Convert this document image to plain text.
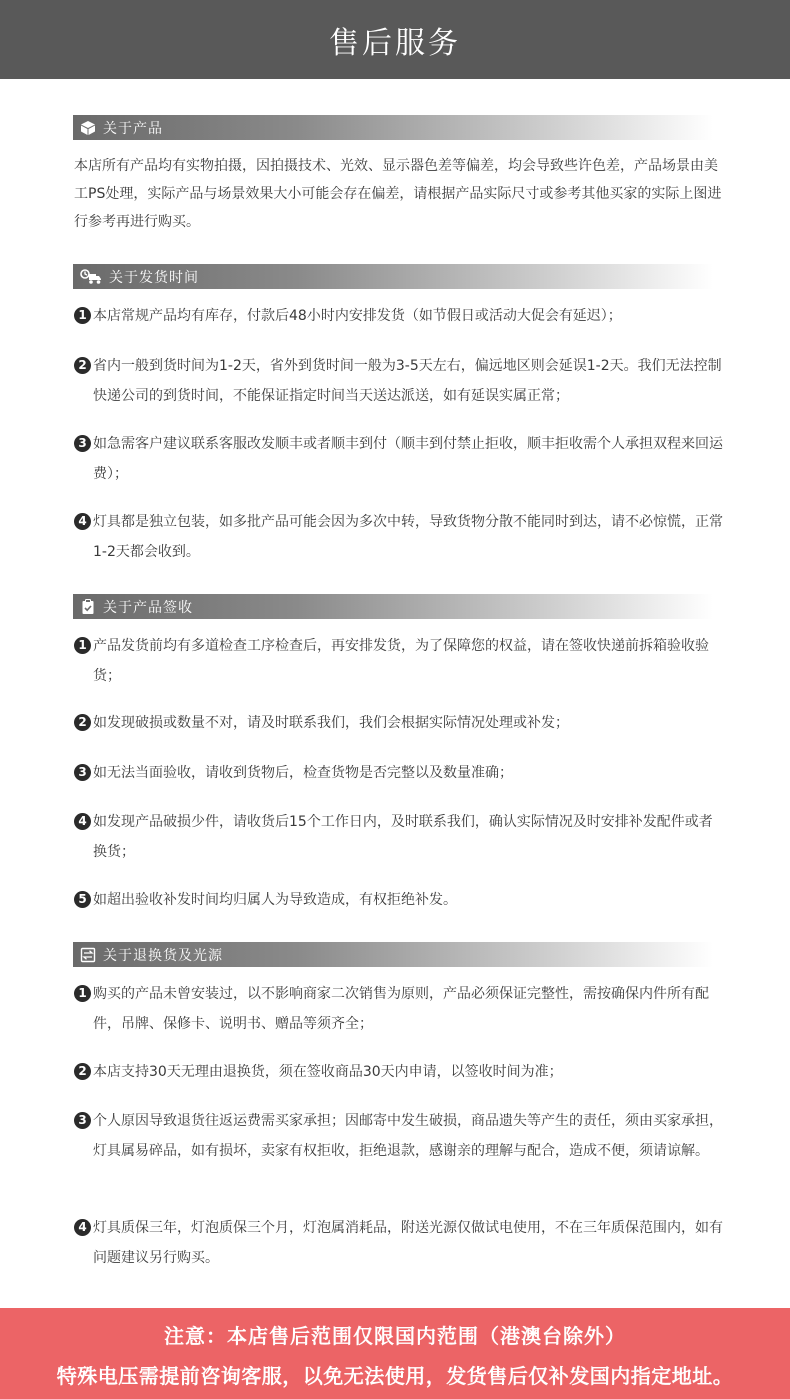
售后服务
关于产品

本店所有产品均有实物拍摄，因拍摄技术、光效、显示器色差等偏差，均会导致些许色差，产品场景由美工PS处理，实际产品与场景效果大小可能会存在偏差，请根据产品实际尺寸或参考其他买家的实际上图进行参考再进行购买。

关于发货时间
1 本店常规产品均有库存，付款后48小时内安排发货（如节假日或活动大促会有延迟）；
2 省内一般到货时间为1-2天，省外到货时间一般为3-5天左右，偏远地区则会延误1-2天。我们无法控制快递公司的到货时间，不能保证指定时间当天送达派送，如有延误实属正常；
3 如急需客户建议联系客服改发顺丰或者顺丰到付（顺丰到付禁止拒收，顺丰拒收需个人承担双程来回运费）；
4 灯具都是独立包装，如多批产品可能会因为多次中转，导致货物分散不能同时到达，请不必惊慌，正常1-2天都会收到。
关于产品签收
1 产品发货前均有多道检查工序检查后，再安排发货，为了保障您的权益，请在签收快递前拆箱验收验货；
2 如发现破损或数量不对，请及时联系我们，我们会根据实际情况处理或补发；
3 如无法当面验收，请收到货物后，检查货物是否完整以及数量准确；
4 如发现产品破损少件，请收货后15个工作日内，及时联系我们，确认实际情况及时安排补发配件或者换货；
5 如超出验收补发时间均归属人为导致造成，有权拒绝补发。
关于退换货及光源
1 购买的产品未曾安装过，以不影响商家二次销售为原则，产品必须保证完整性，需按确保内件所有配件，吊牌、保修卡、说明书、赠品等须齐全；
2 本店支持30天无理由退换货，须在签收商品30天内申请，以签收时间为准；
3 个人原因导致退货往返运费需买家承担；因邮寄中发生破损，商品遗失等产生的责任，须由买家承担，灯具属易碎品，如有损坏，卖家有权拒收，拒绝退款，感谢亲的理解与配合，造成不便，须请谅解。
4 灯具质保三年，灯泡质保三个月，灯泡属消耗品，附送光源仅做试电使用，不在三年质保范围内，如有问题建议另行购买。
注意：本店售后范围仅限国内范围（港澳台除外）
特殊电压需提前咨询客服，以免无法使用，发货售后仅补发国内指定地址。
